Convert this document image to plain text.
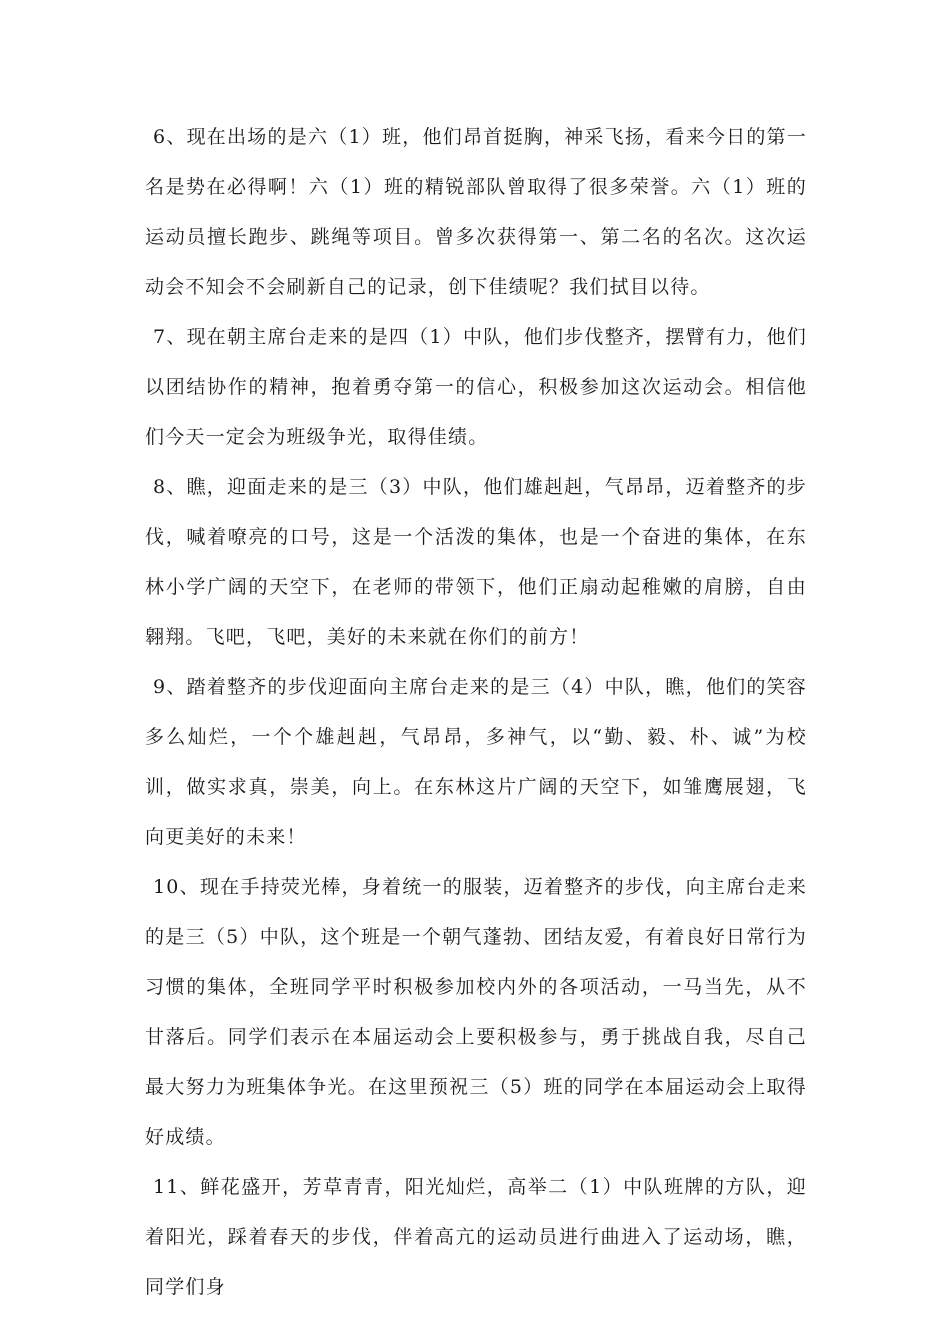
6、现在出场的是六（1）班，他们昂首挺胸，神采飞扬，看来今日的第一名是势在必得啊！六（1）班的精锐部队曾取得了很多荣誉。六（1）班的运动员擅长跑步、跳绳等项目。曾多次获得第一、第二名的名次。这次运动会不知会不会刷新自己的记录，创下佳绩呢？我们拭目以待。

7、现在朝主席台走来的是四（1）中队，他们步伐整齐，摆臂有力，他们以团结协作的精神，抱着勇夺第一的信心，积极参加这次运动会。相信他们今天一定会为班级争光，取得佳绩。

8、瞧，迎面走来的是三（3）中队，他们雄赳赳，气昂昂，迈着整齐的步伐，喊着嘹亮的口号，这是一个活泼的集体，也是一个奋进的集体，在东林小学广阔的天空下，在老师的带领下，他们正扇动起稚嫩的肩膀，自由翱翔。飞吧，飞吧，美好的未来就在你们的前方！

9、踏着整齐的步伐迎面向主席台走来的是三（4）中队，瞧，他们的笑容多么灿烂，一个个雄赳赳，气昂昂，多神气，以“勤、毅、朴、诚”为校训，做实求真，崇美，向上。在东林这片广阔的天空下，如雏鹰展翅，飞向更美好的未来！

10、现在手持荧光棒，身着统一的服装，迈着整齐的步伐，向主席台走来的是三（5）中队，这个班是一个朝气蓬勃、团结友爱，有着良好日常行为习惯的集体，全班同学平时积极参加校内外的各项活动，一马当先，从不甘落后。同学们表示在本届运动会上要积极参与，勇于挑战自我，尽自己最大努力为班集体争光。在这里预祝三（5）班的同学在本届运动会上取得好成绩。

11、鲜花盛开，芳草青青，阳光灿烂，高举二（1）中队班牌的方队，迎着阳光，踩着春天的步伐，伴着高亢的运动员进行曲进入了运动场，瞧，同学们身
